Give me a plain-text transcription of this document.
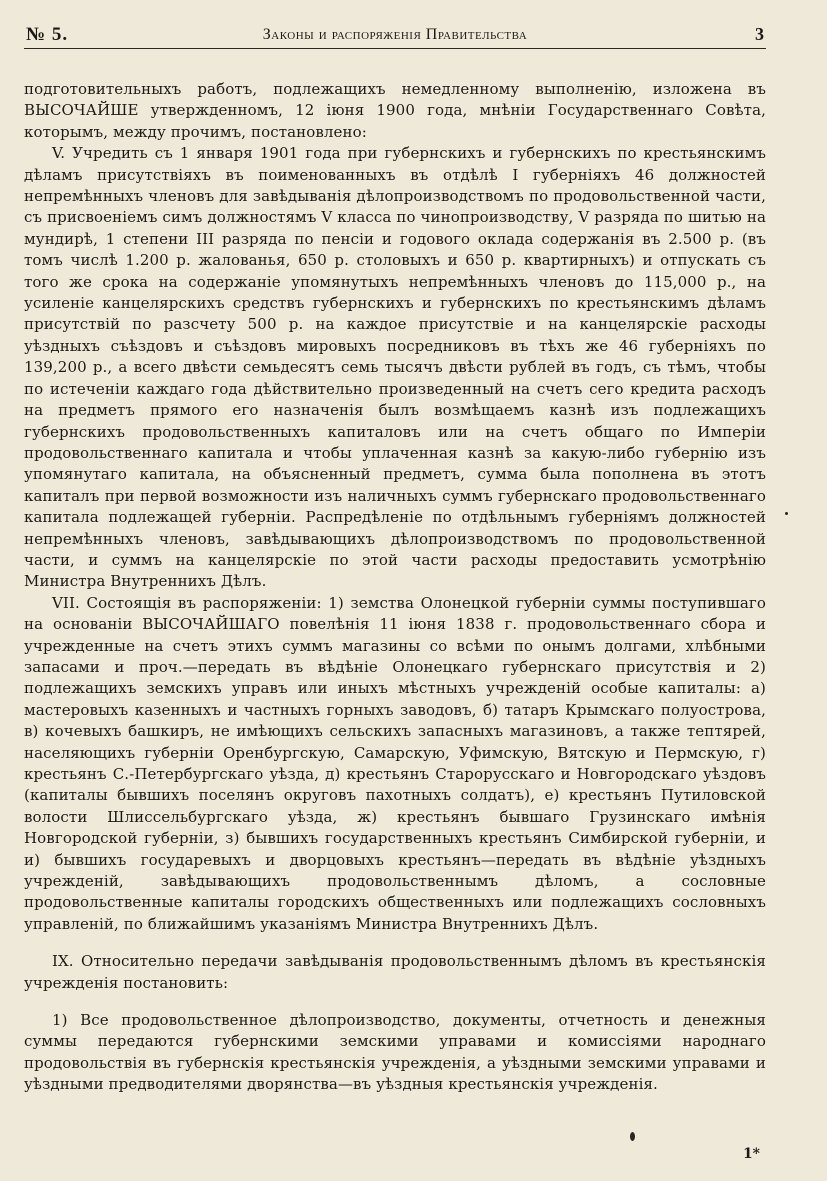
№ 5.	Законы и распоряженія Правительства	3

подготовительныхъ работъ, подлежащихъ немедленному выполненію, изложена въ ВЫСОЧАЙШЕ утвержденномъ, 12 іюня 1900 года, мнѣніи Государственнаго Совѣта, которымъ, между прочимъ, постановлено:

V. Учредить съ 1 января 1901 года при губернскихъ и губернскихъ по крестьянскимъ дѣламъ присутствіяхъ въ поименованныхъ въ отдѣлѣ I губерніяхъ 46 должностей непремѣнныхъ членовъ для завѣдыванія дѣлопроизводствомъ по продовольственной части, съ присвоеніемъ симъ должностямъ V класса по чинопроизводству, V разряда по шитью на мундирѣ, 1 степени III разряда по пенсіи и годового оклада содержанія въ 2.500 р. (въ томъ числѣ 1.200 р. жалованья, 650 р. столовыхъ и 650 р. квартирныхъ) и отпускать съ того же срока на содержаніе упомянутыхъ непремѣнныхъ членовъ до 115,000 р., на усиленіе канцелярскихъ средствъ губернскихъ и губернскихъ по крестьянскимъ дѣламъ присутствій по разсчету 500 р. на каждое присутствіе и на канцелярскіе расходы уѣздныхъ съѣздовъ и съѣздовъ мировыхъ посредниковъ въ тѣхъ же 46 губерніяхъ по 139,200 р., а всего двѣсти семьдесятъ семь тысячъ двѣсти рублей въ годъ, съ тѣмъ, чтобы по истеченіи каждаго года дѣйствительно произведенный на счетъ сего кредита расходъ на предметъ прямого его назначенія былъ возмѣщаемъ казнѣ изъ подлежащихъ губернскихъ продовольственныхъ капиталовъ или на счетъ общаго по Имперіи продовольственнаго капитала и чтобы уплаченная казнѣ за какую-либо губернію изъ упомянутаго капитала, на объясненный предметъ, сумма была пополнена въ этотъ капиталъ при первой возможности изъ наличныхъ суммъ губернскаго продовольственнаго капитала подлежащей губерніи. Распредѣленіе по отдѣльнымъ губерніямъ должностей непремѣнныхъ членовъ, завѣдывающихъ дѣлопроизводствомъ по продовольственной части, и суммъ на канцелярскіе по этой части расходы предоставить усмотрѣнію Министра Внутреннихъ Дѣлъ.

VII. Состоящія въ распоряженіи: 1) земства Олонецкой губерніи суммы поступившаго на основаніи ВЫСОЧАЙШАГО повелѣнія 11 іюня 1838 г. продовольственнаго сбора и учрежденные на счетъ этихъ суммъ магазины со всѣми по онымъ долгами, хлѣбными запасами и проч.—передать въ вѣдѣніе Олонецкаго губернскаго присутствія и 2) подлежащихъ земскихъ управъ или иныхъ мѣстныхъ учрежденій особые капиталы: а) мастеровыхъ казенныхъ и частныхъ горныхъ заводовъ, б) татаръ Крымскаго полуострова, в) кочевыхъ башкиръ, не имѣющихъ сельскихъ запасныхъ магазиновъ, а также тептярей, населяющихъ губерніи Оренбургскую, Самарскую, Уфимскую, Вятскую и Пермскую, г) крестьянъ С.-Петербургскаго уѣзда, д) крестьянъ Старорусскаго и Новгородскаго уѣздовъ (капиталы бывшихъ поселянъ округовъ пахотныхъ солдатъ), е) крестьянъ Путиловской волости Шлиссельбургскаго уѣзда, ж) крестьянъ бывшаго Грузинскаго имѣнія Новгородской губерніи, з) бывшихъ государственныхъ крестьянъ Симбирской губерніи, и и) бывшихъ государевыхъ и дворцовыхъ крестьянъ—передать въ вѣдѣніе уѣздныхъ учрежденій, завѣдывающихъ продовольственнымъ дѣломъ, а сословные продовольственные капиталы городскихъ общественныхъ или подлежащихъ сословныхъ управленій, по ближайшимъ указаніямъ Министра Внутреннихъ Дѣлъ.

IX. Относительно передачи завѣдыванія продовольственнымъ дѣломъ въ крестьянскія учрежденія постановить:

1) Все продовольственное дѣлопроизводство, документы, отчетность и денежныя суммы передаются губернскими земскими управами и комиссіями народнаго продовольствія въ губернскія крестьянскія учрежденія, а уѣздными земскими управами и уѣздными предводителями дворянства—въ уѣздныя крестьянскія учрежденія.

1*
